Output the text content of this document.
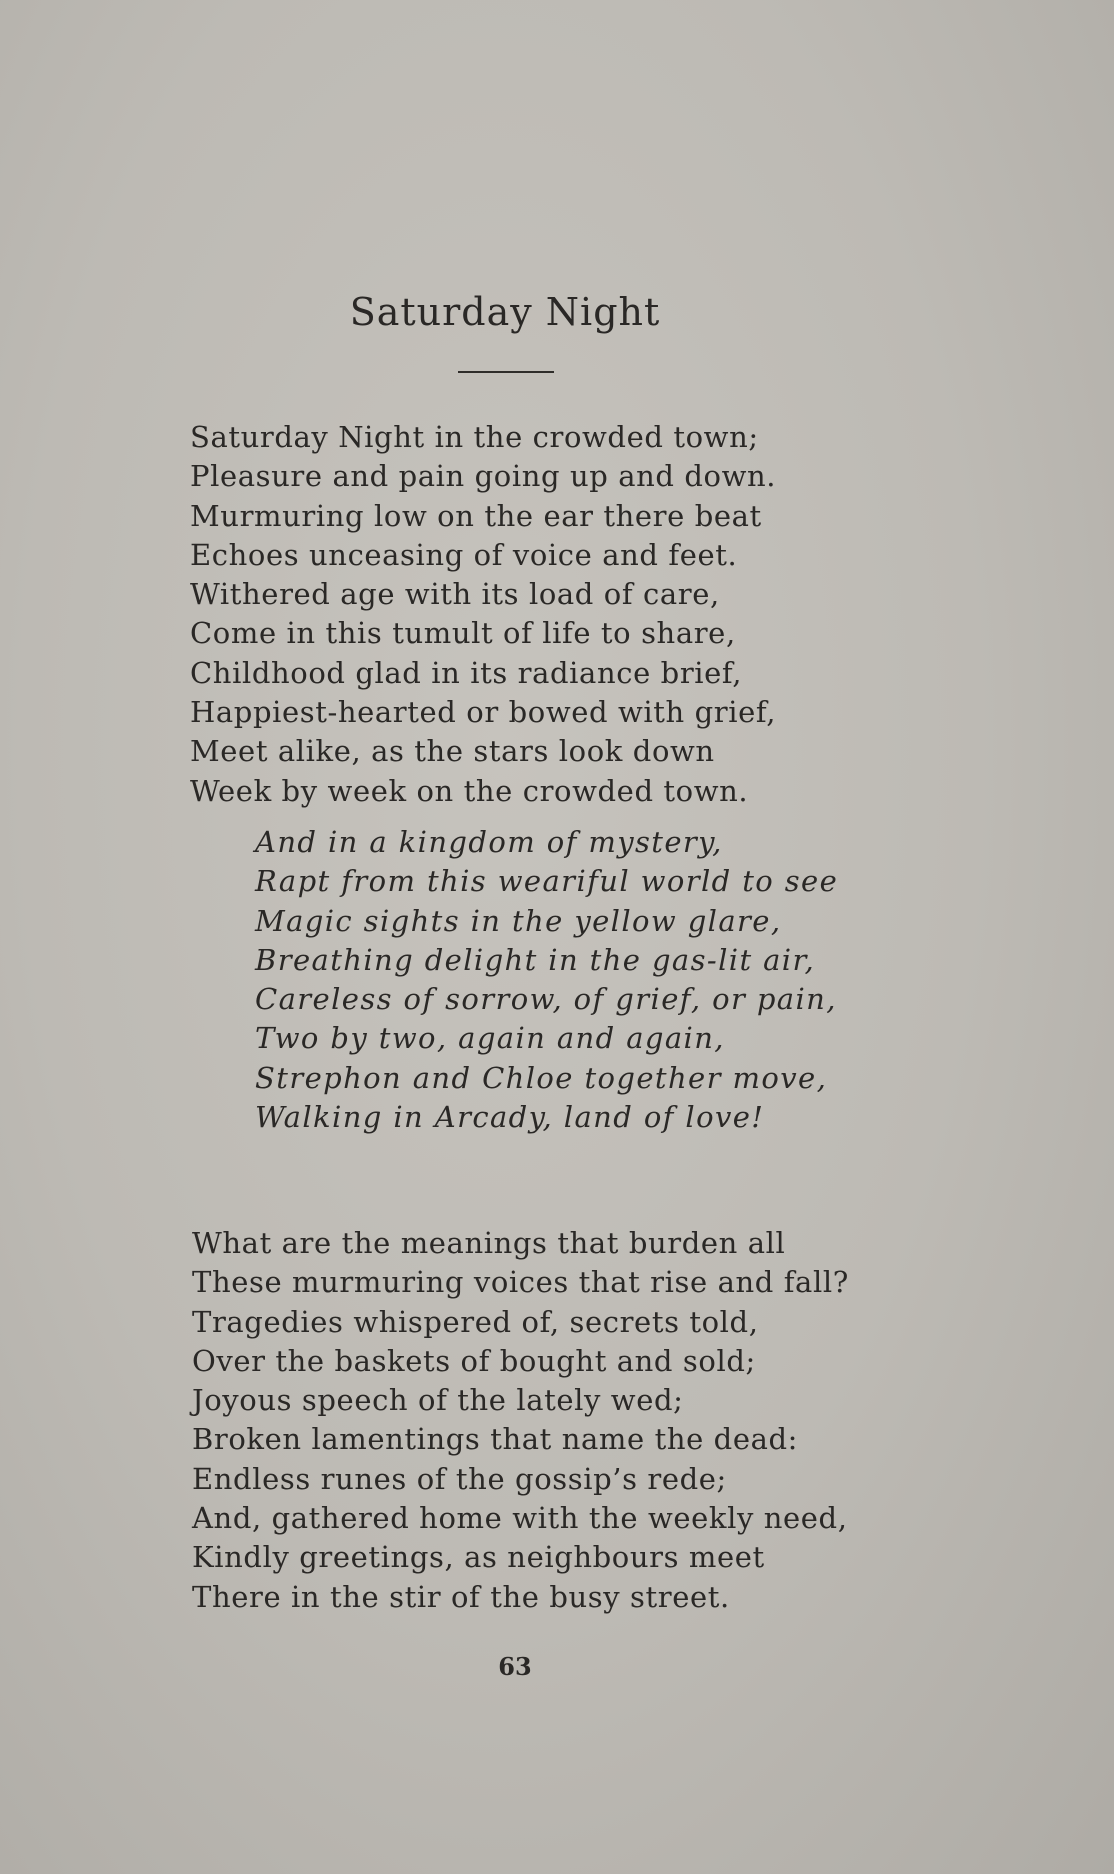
Saturday Night
Saturday Night in the crowded town;
Pleasure and pain going up and down.
Murmuring low on the ear there beat
Echoes unceasing of voice and feet.
Withered age with its load of care,
Come in this tumult of life to share,
Childhood glad in its radiance brief,
Happiest-hearted or bowed with grief,
Meet alike, as the stars look down
Week by week on the crowded town.
And in a kingdom of mystery,
Rapt from this weariful world to see
Magic sights in the yellow glare,
Breathing delight in the gas-lit air,
Careless of sorrow, of grief, or pain,
Two by two, again and again,
Strephon and Chloe together move,
Walking in Arcady, land of love!
What are the meanings that burden all
These murmuring voices that rise and fall?
Tragedies whispered of, secrets told,
Over the baskets of bought and sold;
Joyous speech of the lately wed;
Broken lamentings that name the dead:
Endless runes of the gossip’s rede;
And, gathered home with the weekly need,
Kindly greetings, as neighbours meet
There in the stir of the busy street.
63
